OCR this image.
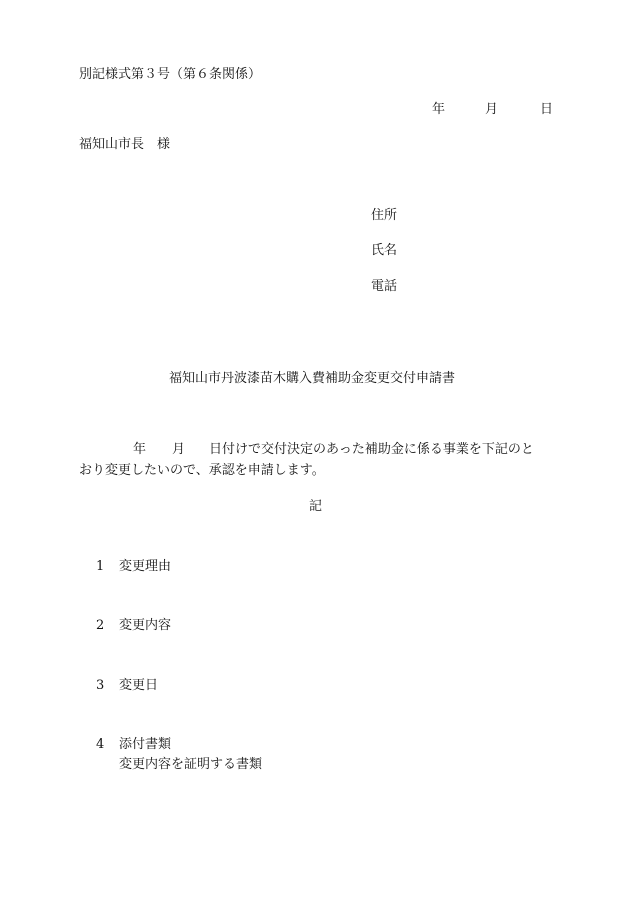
別記様式第３号（第６条関係）
年	月	日
福知山市長　様
住所
氏名
電話
福知山市丹波漆苗木購入費補助金変更交付申請書
年 月 日付けで交付決定のあった補助金に係る事業を下記のと
おり変更したいので、承認を申請します。
記
1 変更理由
2 変更内容
3 変更日
4 添付書類
変更内容を証明する書類
